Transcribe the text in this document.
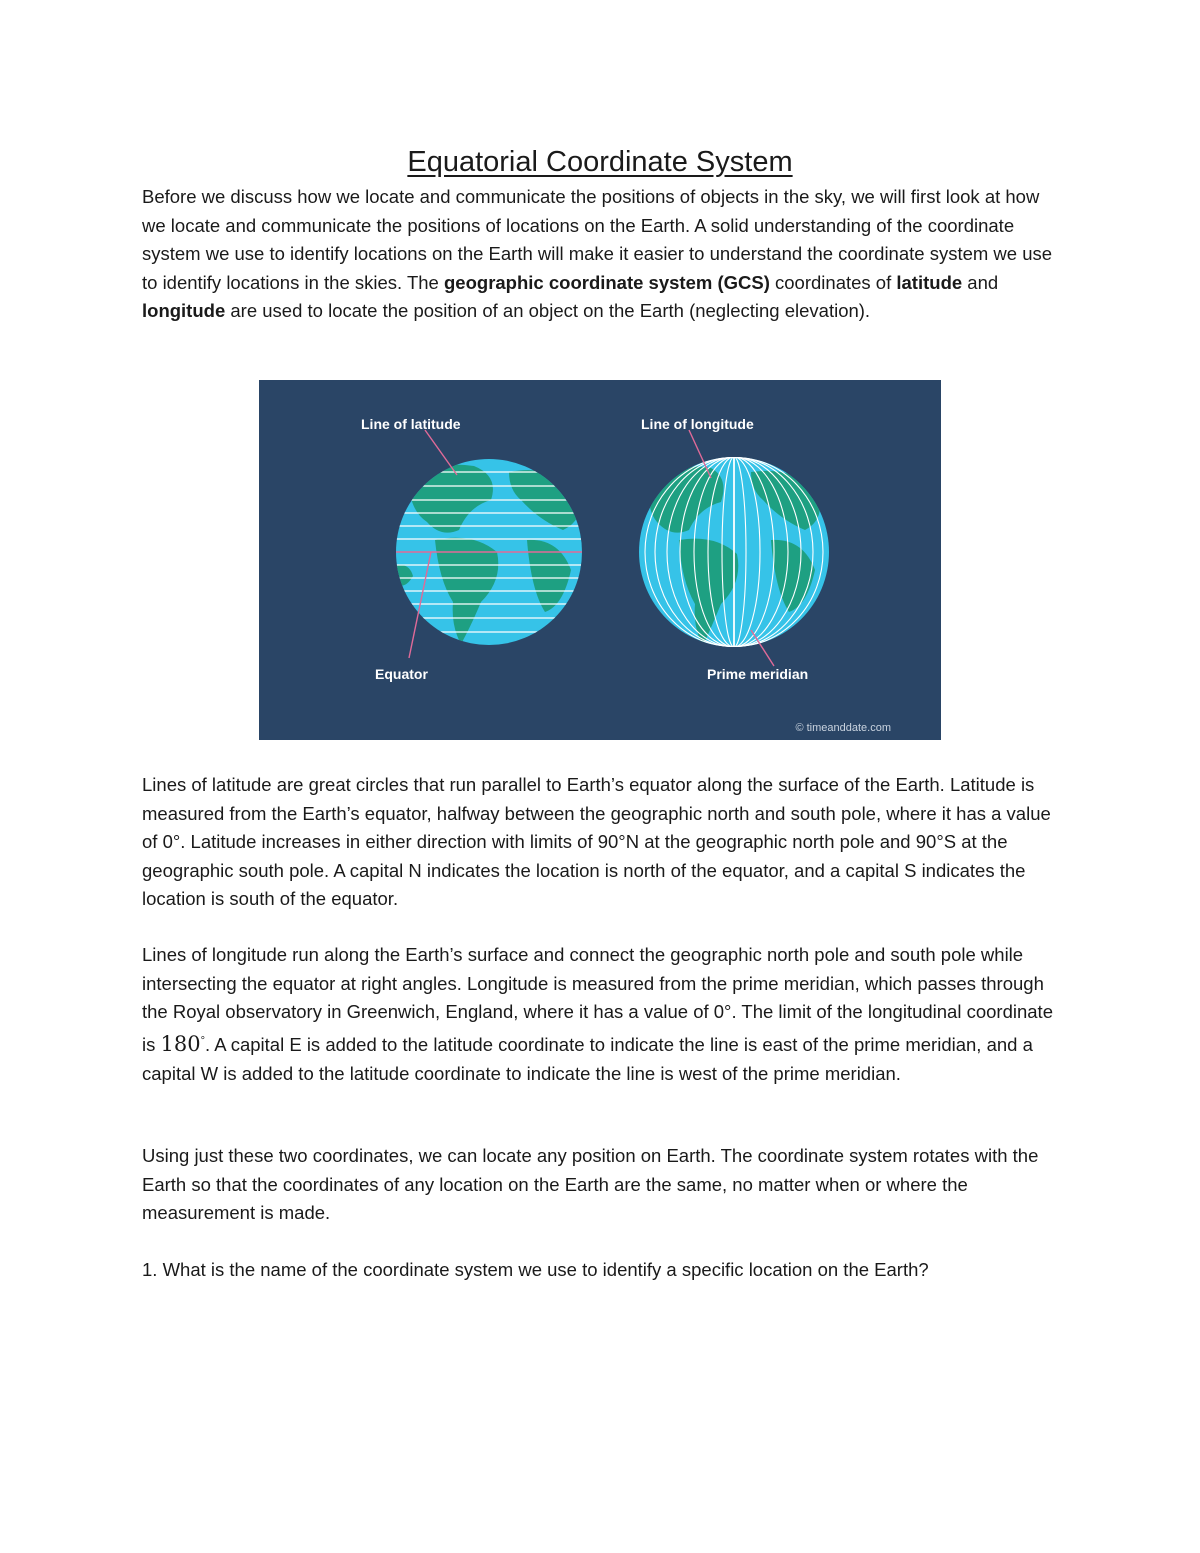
Equatorial Coordinate System

Before we discuss how we locate and communicate the positions of objects in the sky, we will first look at how we locate and communicate the positions of locations on the Earth. A solid understanding of the coordinate system we use to identify locations on the Earth will make it easier to understand the coordinate system we use to identify locations in the skies. The geographic coordinate system (GCS) coordinates of latitude and longitude are used to locate the position of an object on the Earth (neglecting elevation).

Line of latitude	Line of longitude
Equator	Prime meridian
© timeanddate.com

Lines of latitude are great circles that run parallel to Earth’s equator along the surface of the Earth. Latitude is measured from the Earth’s equator, halfway between the geographic north and south pole, where it has a value of 0°. Latitude increases in either direction with limits of 90°N at the geographic north pole and 90°S at the geographic south pole. A capital N indicates the location is north of the equator, and a capital S indicates the location is south of the equator.

Lines of longitude run along the Earth’s surface and connect the geographic north pole and south pole while intersecting the equator at right angles. Longitude is measured from the prime meridian, which passes through the Royal observatory in Greenwich, England, where it has a value of 0°. The limit of the longitudinal coordinate is 180°. A capital E is added to the latitude coordinate to indicate the line is east of the prime meridian, and a capital W is added to the latitude coordinate to indicate the line is west of the prime meridian.

Using just these two coordinates, we can locate any position on Earth. The coordinate system rotates with the Earth so that the coordinates of any location on the Earth are the same, no matter when or where the measurement is made.

1. What is the name of the coordinate system we use to identify a specific location on the Earth?
